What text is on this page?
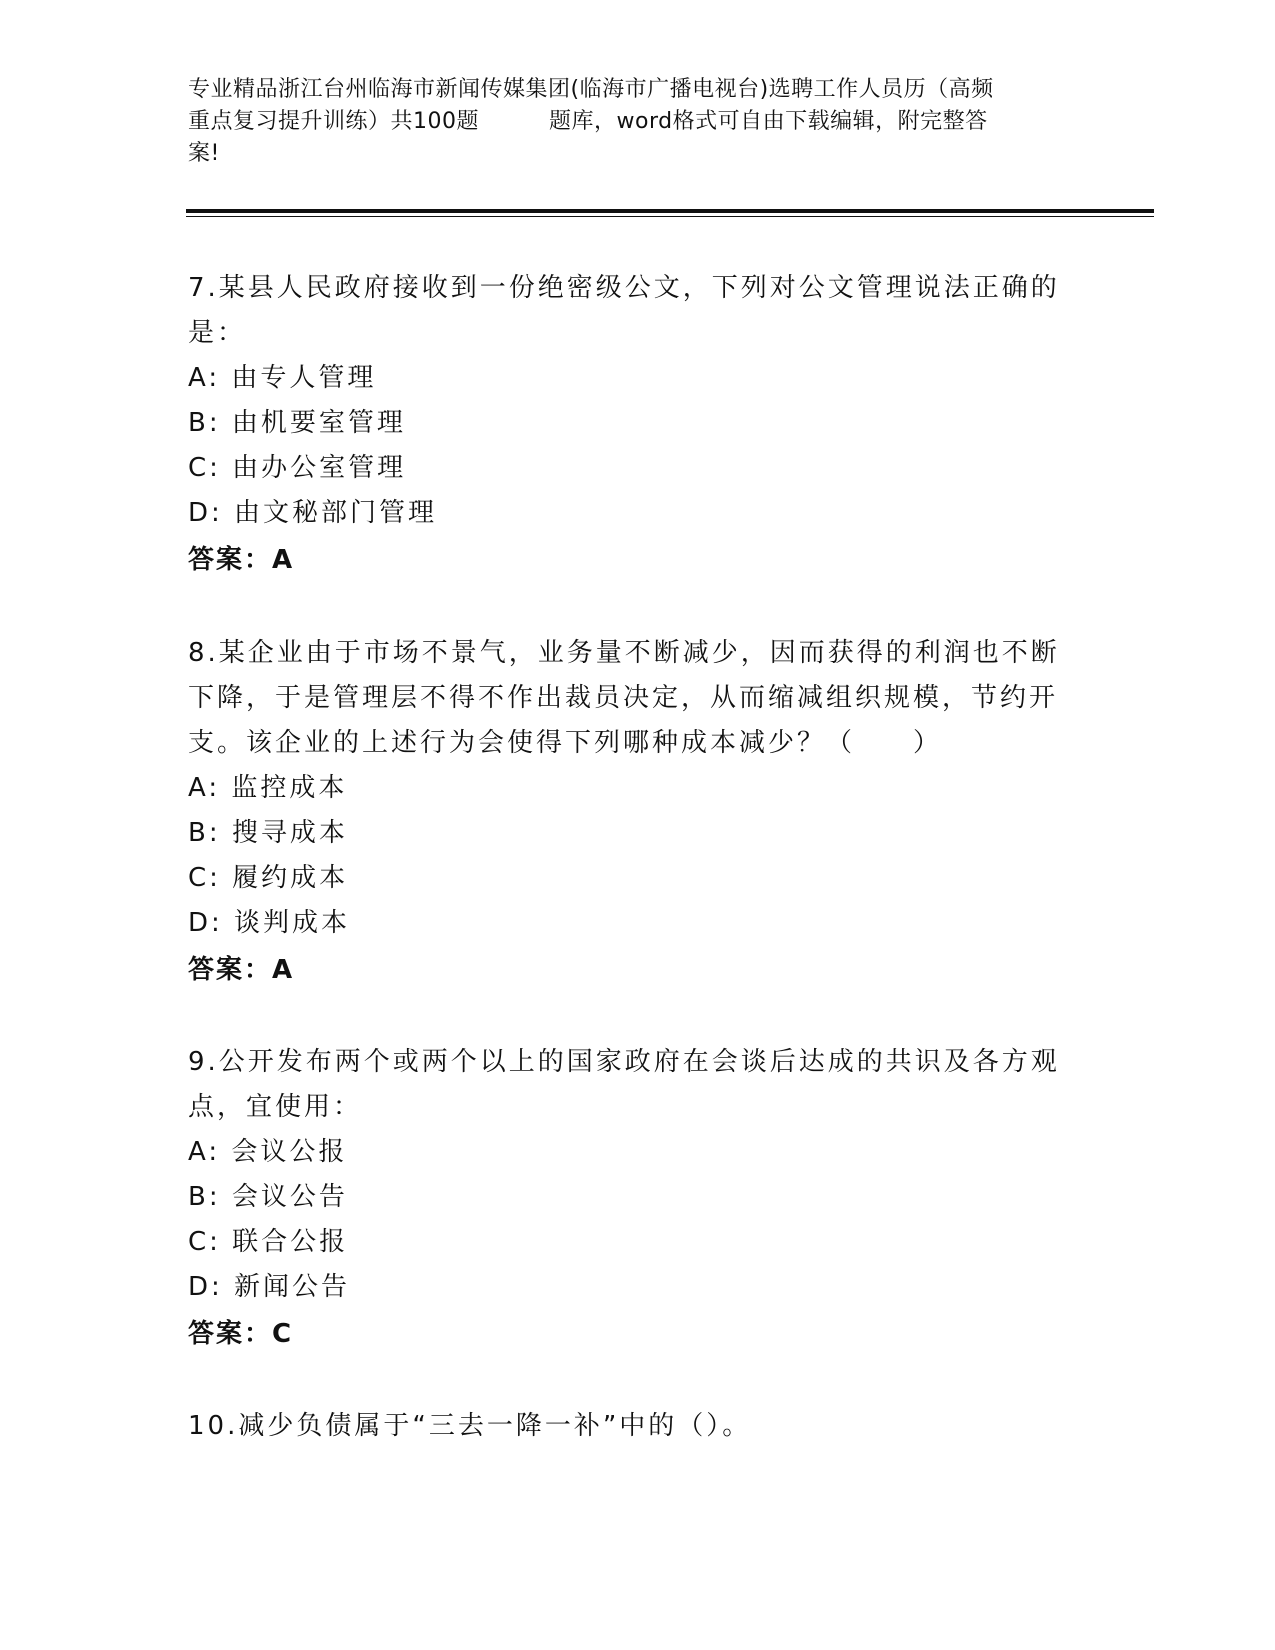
专业精品浙江台州临海市新闻传媒集团(临海市广播电视台)选聘工作人员历（高频
重点复习提升训练）共100题	题库，word格式可自由下载编辑，附完整答
案!
7.某县人民政府接收到一份绝密级公文，下列对公文管理说法正确的
是：
A: 由专人管理
B: 由机要室管理
C: 由办公室管理
D: 由文秘部门管理
答案：A
8.某企业由于市场不景气，业务量不断减少，因而获得的利润也不断
下降，于是管理层不得不作出裁员决定，从而缩减组织规模，节约开
支。该企业的上述行为会使得下列哪种成本减少？（　　）
A: 监控成本
B: 搜寻成本
C: 履约成本
D: 谈判成本
答案：A
9.公开发布两个或两个以上的国家政府在会谈后达成的共识及各方观
点，宜使用：
A: 会议公报
B: 会议公告
C: 联合公报
D: 新闻公告
答案：C
10.减少负债属于“三去一降一补”中的（）。
